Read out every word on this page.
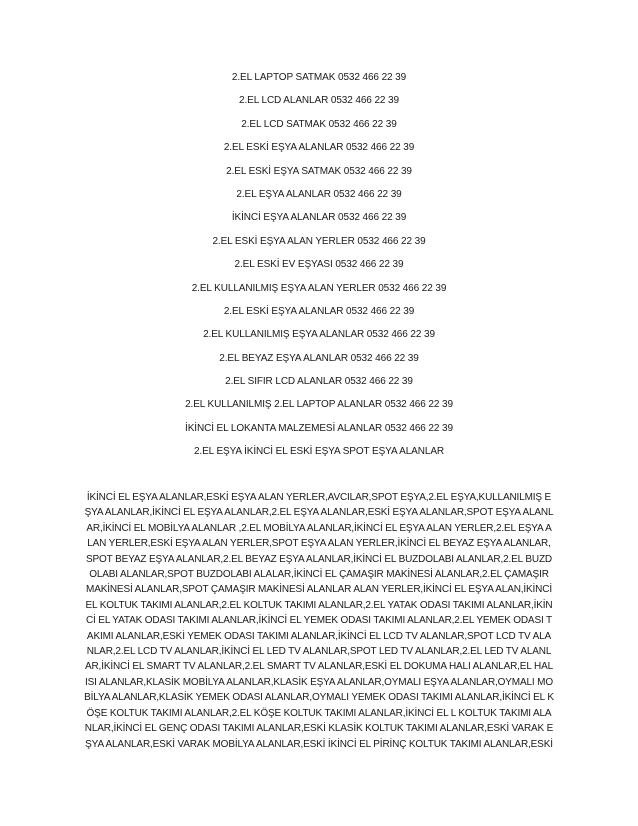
2.EL LAPTOP SATMAK 0532 466 22 39
2.EL LCD ALANLAR 0532 466 22 39
2.EL LCD SATMAK 0532 466 22 39
2.EL ESKİ EŞYA ALANLAR 0532 466 22 39
2.EL ESKİ EŞYA SATMAK 0532 466 22 39
2.EL EŞYA ALANLAR 0532 466 22 39
İKİNCİ EŞYA ALANLAR 0532 466 22 39
2.EL ESKİ EŞYA ALAN YERLER 0532 466 22 39
2.EL ESKİ EV EŞYASI 0532 466 22 39
2.EL KULLANILMIŞ EŞYA ALAN YERLER 0532 466 22 39
2.EL ESKİ EŞYA ALANLAR 0532 466 22 39
2.EL KULLANILMIŞ EŞYA ALANLAR 0532 466 22 39
2.EL BEYAZ EŞYA ALANLAR 0532 466 22 39
2.EL SIFIR LCD ALANLAR 0532 466 22 39
2.EL KULLANILMIŞ 2.EL LAPTOP ALANLAR 0532 466 22 39
İKİNCİ EL LOKANTA MALZEMESİ ALANLAR 0532 466 22 39
2.EL EŞYA İKİNCİ EL ESKİ EŞYA SPOT EŞYA ALANLAR

İKİNCİ EL EŞYA ALANLAR,ESKİ EŞYA ALAN YERLER,AVCILAR,SPOT EŞYA,2.EL EŞYA,KULLANILMIŞ EŞYA ALANLAR,İKİNCİ EL EŞYA ALANLAR,2.EL EŞYA ALANLAR,ESKİ EŞYA ALANLAR,SPOT EŞYA ALANLAR,İKİNCİ EL MOBİLYA ALANLAR ,2.EL MOBİLYA ALANLAR,İKİNCİ EL EŞYA ALAN YERLER,2.EL EŞYA ALAN YERLER,ESKİ EŞYA ALAN YERLER,SPOT EŞYA ALAN YERLER,İKİNCİ EL BEYAZ EŞYA ALANLAR,SPOT BEYAZ EŞYA ALANLAR,2.EL BEYAZ EŞYA ALANLAR,İKİNCİ EL BUZDOLABI ALANLAR,2.EL BUZDOLABI ALANLAR,SPOT BUZDOLABI ALALAR,İKİNCİ EL ÇAMAŞIR MAKİNESİ ALANLAR,2.EL ÇAMAŞIR MAKİNESİ ALANLAR,SPOT ÇAMAŞIR MAKİNESİ ALANLAR ALAN YERLER,İKİNCİ EL EŞYA ALAN,İKİNCİ EL KOLTUK TAKIMI ALANLAR,2.EL KOLTUK TAKIMI ALANLAR,2.EL YATAK ODASI TAKIMI ALANLAR,İKİNCİ EL YATAK ODASI TAKIMI ALANLAR,İKİNCİ EL YEMEK ODASI TAKIMI ALANLAR,2.EL YEMEK ODASI TAKIMI ALANLAR,ESKİ YEMEK ODASI TAKIMI ALANLAR,İKİNCİ EL LCD TV ALANLAR,SPOT LCD TV ALANLAR,2.EL LCD TV ALANLAR,İKİNCİ EL LED TV ALANLAR,SPOT LED TV ALANLAR,2.EL LED TV ALANLAR,İKİNCİ EL SMART TV ALANLAR,2.EL SMART TV ALANLAR,ESKİ EL DOKUMA HALI ALANLAR,EL HALISI ALANLAR,KLASİK MOBİLYA ALANLAR,KLASİK EŞYA ALANLAR,OYMALI EŞYA ALANLAR,OYMALI MOBİLYA ALANLAR,KLASİK YEMEK ODASI ALANLAR,OYMALI YEMEK ODASI TAKIMI ALANLAR,İKİNCİ EL KÖŞE KOLTUK TAKIMI ALANLAR,2.EL KÖŞE KOLTUK TAKIMI ALANLAR,İKİNCİ EL L KOLTUK TAKIMI ALANLAR,İKİNCİ EL GENÇ ODASI TAKIMI ALANLAR,ESKİ KLASİK KOLTUK TAKIMI ALANLAR,ESKİ VARAK EŞYA ALANLAR,ESKİ VARAK MOBİLYA ALANLAR,ESKİ İKİNCİ EL PİRİNÇ KOLTUK TAKIMI ALANLAR,ESKİ
